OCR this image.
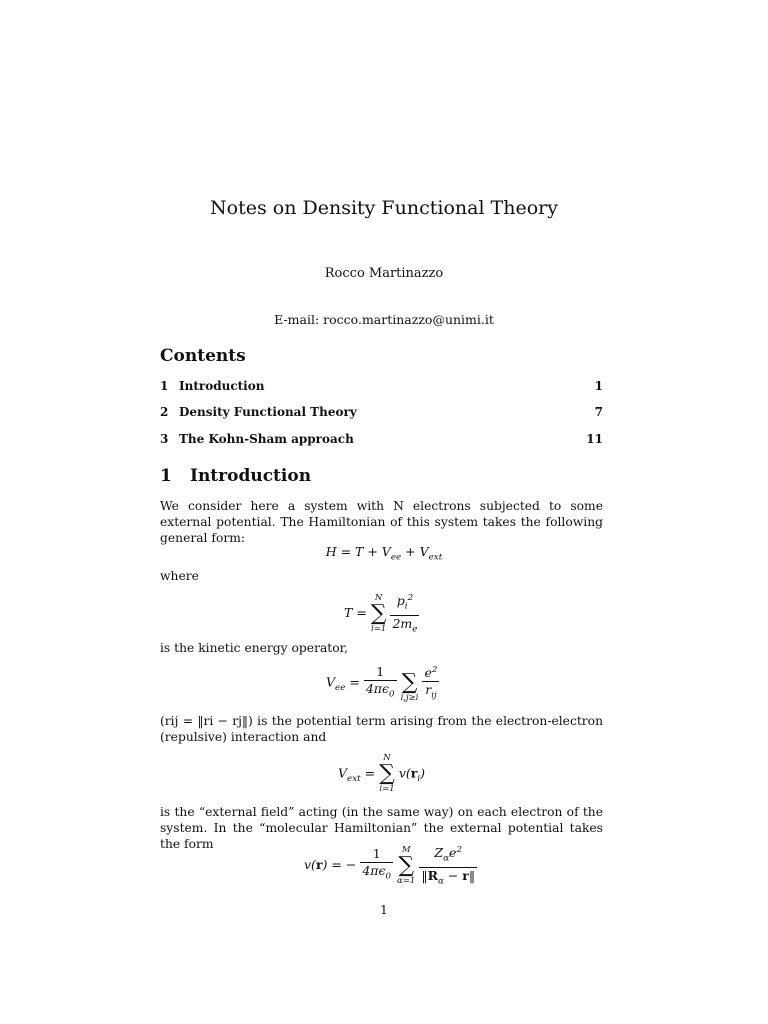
Notes on Density Functional Theory
Rocco Martinazzo
E-mail: rocco.martinazzo@unimi.it
Contents
1 Introduction	1
2 Density Functional Theory	7
3 The Kohn-Sham approach	11
1 Introduction
We consider here a system with N electrons subjected to some external potential. The Hamiltonian of this system takes the following general form:
$H = T + V_{ee} + V_{ext}$
where
T =
N
∑
i=1
$\frac{p_i^2}{2m_e}$
is the kinetic energy operator,
$V_{ee} = \frac{1}{4\pi\epsilon_0}$

∑
i,j≥i
$\frac{e^2}{r_{ij}}$
(rij = ‖ri − rj‖) is the potential term arising from the electron-electron (repulsive) interaction and
$V_{ext}$ =
N
∑
i=1
$v(r_i)$
is the “external field” acting (in the same way) on each electron of the system. In the “molecular Hamiltonian” the external potential takes the form
v(r) = − $\frac{1}{4\pi\epsilon_0}$
	M
∑
α=1
$\frac{Z_\alpha e^2}{‖R_\alpha - r‖}$
1
